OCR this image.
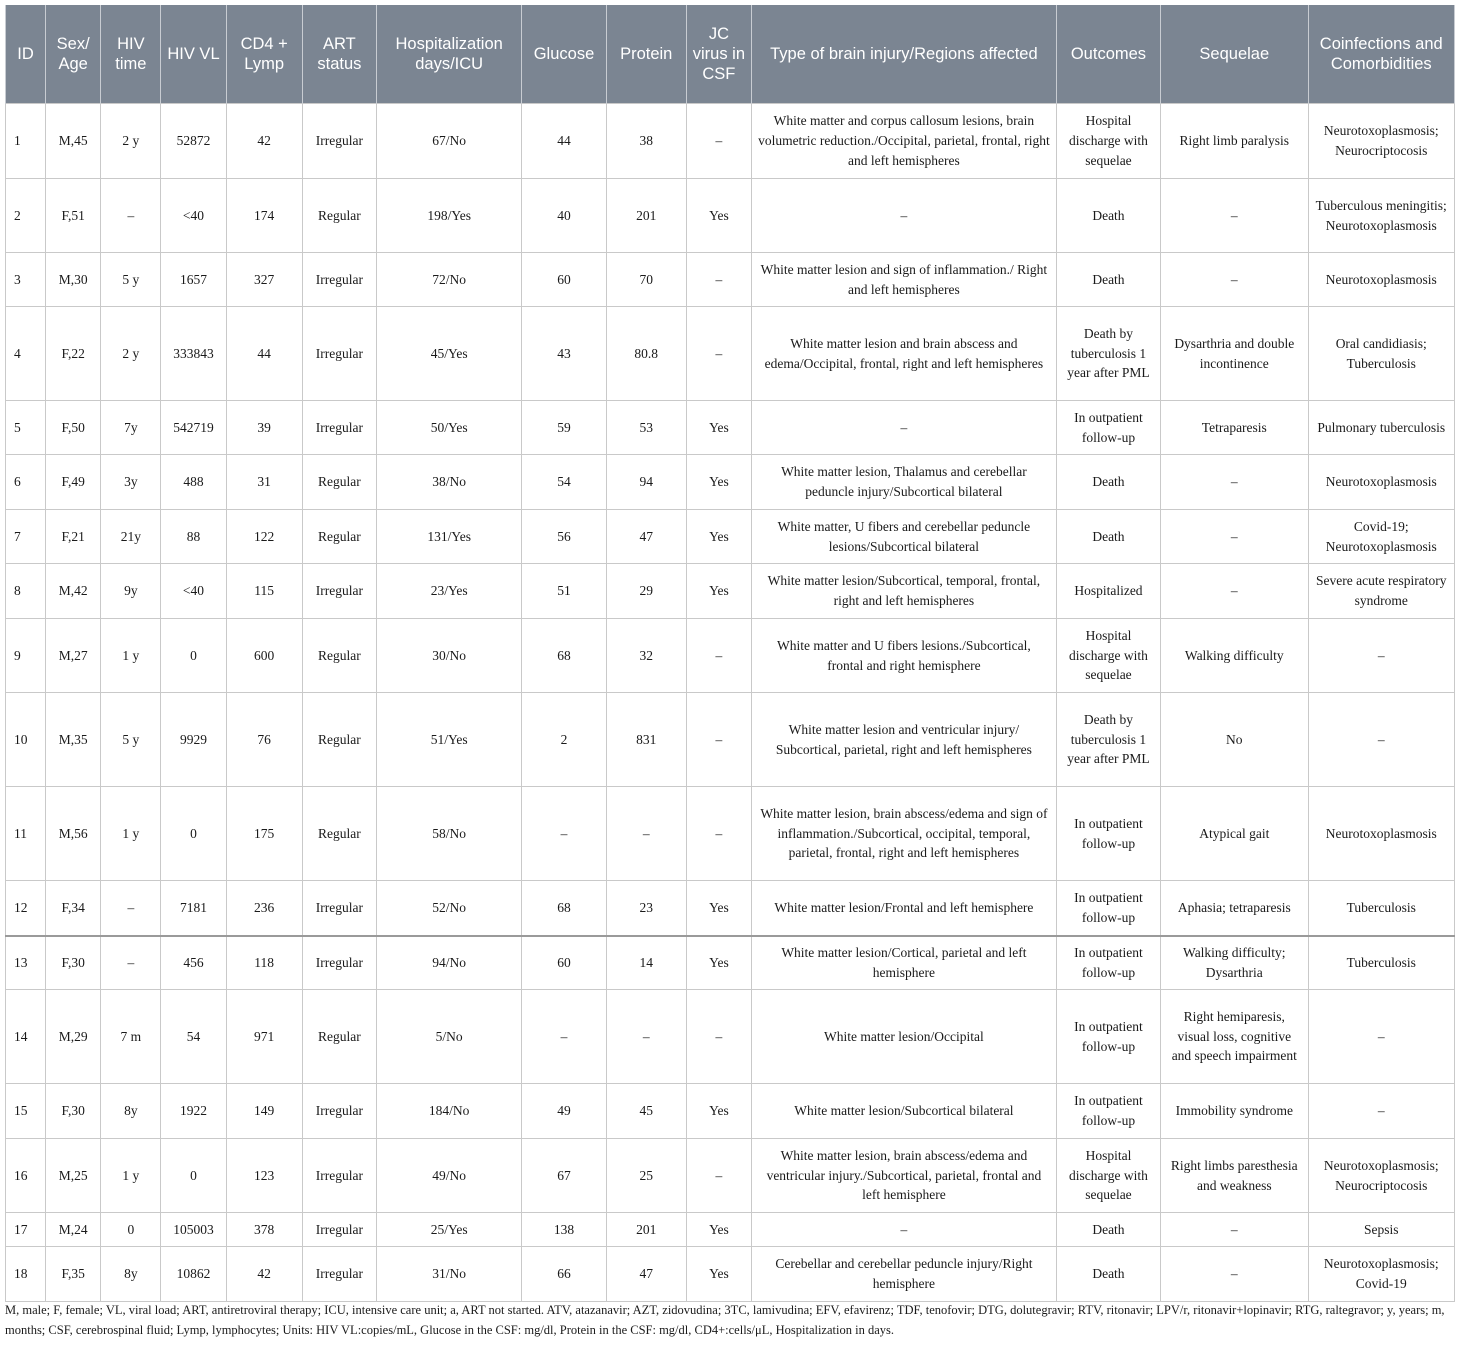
ID	Sex/ Age	HIV time	HIV VL	CD4 + Lymp	ART status	Hospitalization days/ICU	Glucose	Protein	JC virus in CSF	Type of brain injury/Regions affected	Outcomes	Sequelae	Coinfections and Comorbidities
1	M,45	2 y	52872	42	Irregular	67/No	44	38	–	White matter and corpus callosum lesions, brain volumetric reduction./Occipital, parietal, frontal, right and left hemispheres	Hospital discharge with sequelae	Right limb paralysis	Neurotoxoplasmosis; Neurocriptocosis
2	F,51	–	<40	174	Regular	198/Yes	40	201	Yes	–	Death	–	Tuberculous meningitis; Neurotoxoplasmosis
3	M,30	5 y	1657	327	Irregular	72/No	60	70	–	White matter lesion and sign of inflammation./ Right and left hemispheres	Death	–	Neurotoxoplasmosis
4	F,22	2 y	333843	44	Irregular	45/Yes	43	80.8	–	White matter lesion and brain abscess and edema/Occipital, frontal, right and left hemispheres	Death by tuberculosis 1 year after PML	Dysarthria and double incontinence	Oral candidiasis; Tuberculosis
5	F,50	7y	542719	39	Irregular	50/Yes	59	53	Yes	–	In outpatient follow-up	Tetraparesis	Pulmonary tuberculosis
6	F,49	3y	488	31	Regular	38/No	54	94	Yes	White matter lesion, Thalamus and cerebellar peduncle injury/Subcortical bilateral	Death	–	Neurotoxoplasmosis
7	F,21	21y	88	122	Regular	131/Yes	56	47	Yes	White matter, U fibers and cerebellar peduncle lesions/Subcortical bilateral	Death	–	Covid-19; Neurotoxoplasmosis
8	M,42	9y	<40	115	Irregular	23/Yes	51	29	Yes	White matter lesion/Subcortical, temporal, frontal, right and left hemispheres	Hospitalized	–	Severe acute respiratory syndrome
9	M,27	1 y	0	600	Regular	30/No	68	32	–	White matter and U fibers lesions./Subcortical, frontal and right hemisphere	Hospital discharge with sequelae	Walking difficulty	–
10	M,35	5 y	9929	76	Regular	51/Yes	2	831	–	White matter lesion and ventricular injury/ Subcortical, parietal, right and left hemispheres	Death by tuberculosis 1 year after PML	No	–
11	M,56	1 y	0	175	Regular	58/No	–	–	–	White matter lesion, brain abscess/edema and sign of inflammation./Subcortical, occipital, temporal, parietal, frontal, right and left hemispheres	In outpatient follow-up	Atypical gait	Neurotoxoplasmosis
12	F,34	–	7181	236	Irregular	52/No	68	23	Yes	White matter lesion/Frontal and left hemisphere	In outpatient follow-up	Aphasia; tetraparesis	Tuberculosis
13	F,30	–	456	118	Irregular	94/No	60	14	Yes	White matter lesion/Cortical, parietal and left hemisphere	In outpatient follow-up	Walking difficulty; Dysarthria	Tuberculosis
14	M,29	7 m	54	971	Regular	5/No	–	–	–	White matter lesion/Occipital	In outpatient follow-up	Right hemiparesis, visual loss, cognitive and speech impairment	–
15	F,30	8y	1922	149	Irregular	184/No	49	45	Yes	White matter lesion/Subcortical bilateral	In outpatient follow-up	Immobility syndrome	–
16	M,25	1 y	0	123	Irregular	49/No	67	25	–	White matter lesion, brain abscess/edema and ventricular injury./Subcortical, parietal, frontal and left hemisphere	Hospital discharge with sequelae	Right limbs paresthesia and weakness	Neurotoxoplasmosis; Neurocriptocosis
17	M,24	0	105003	378	Irregular	25/Yes	138	201	Yes	–	Death	–	Sepsis
18	F,35	8y	10862	42	Irregular	31/No	66	47	Yes	Cerebellar and cerebellar peduncle injury/Right hemisphere	Death	–	Neurotoxoplasmosis; Covid-19
M, male; F, female; VL, viral load; ART, antiretroviral therapy; ICU, intensive care unit; a, ART not started. ATV, atazanavir; AZT, zidovudina; 3TC, lamivudina; EFV, efavirenz; TDF, tenofovir; DTG, dolutegravir; RTV, ritonavir; LPV/r, ritonavir+lopinavir; RTG, raltegravor; y, years; m, months; CSF, cerebrospinal fluid; Lymp, lymphocytes; Units: HIV VL:copies/mL, Glucose in the CSF: mg/dl, Protein in the CSF: mg/dl, CD4+:cells/μL, Hospitalization in days.
